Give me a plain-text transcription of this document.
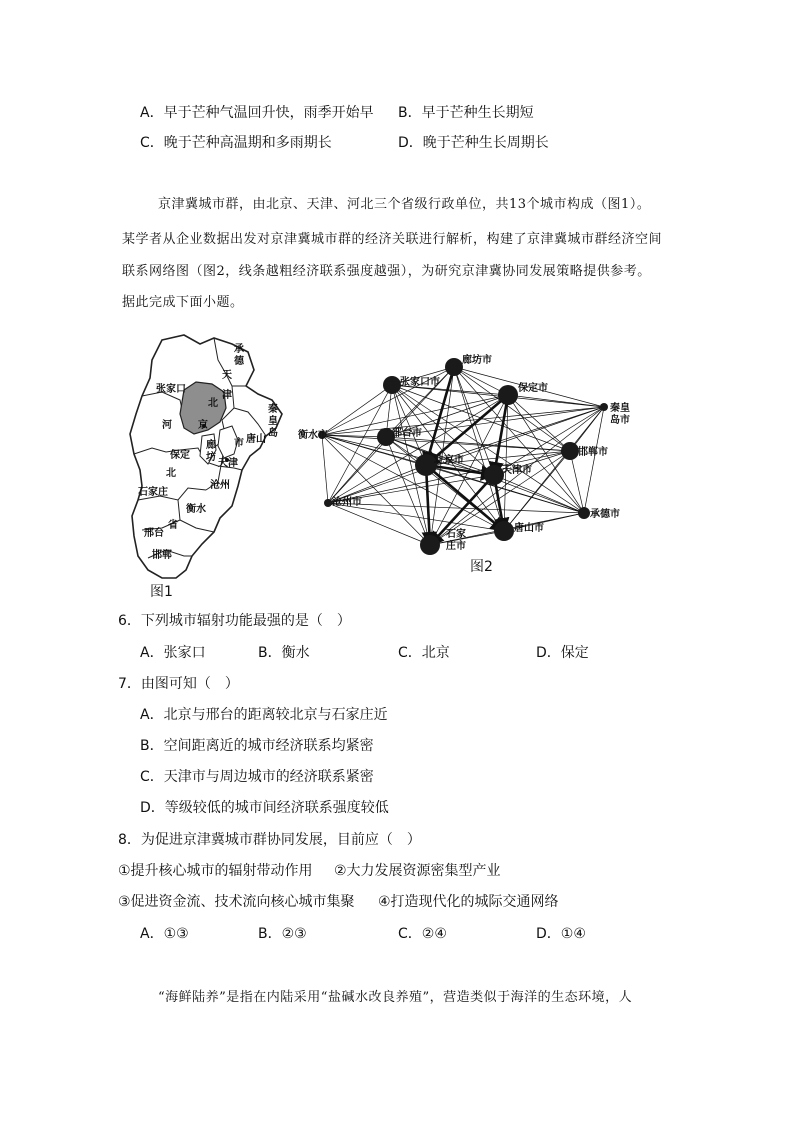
A．早于芒种气温回升快，雨季开始早 B．早于芒种生长期短
C．晚于芒种高温期和多雨期长	D．晚于芒种生长周期长
京津冀城市群，由北京、天津、河北三个省级行政单位，共13个城市构成（图1）。
某学者从企业数据出发对京津冀城市群的经济关联进行解析，构建了京津冀城市群经济空间
联系网络图（图2，线条越粗经济联系强度越强），为研究京津冀协同发展策略提供参考。
据此完成下面小题。
张家口
承
德
天
津
北
京
秦
皇
岛
河
唐山
市
廊
坊
保定
天津
北
石家庄
沧州
衡水
邢台
省
邯郸
图1
廊坊市
张家口市
保定市
秦皇
岛市
衡水市	邢台市
邯郸市
北京市
天津市
沧州市
承德市
唐山市
石家
庄市
图2
6．下列城市辐射功能最强的是（　）
A．张家口	B．衡水	C．北京	D．保定
7．由图可知（　）
A．北京与邢台的距离较北京与石家庄近
B．空间距离近的城市经济联系均紧密
C．天津市与周边城市的经济联系紧密
D．等级较低的城市间经济联系强度较低
8．为促进京津冀城市群协同发展，目前应（　）
①提升核心城市的辐射带动作用 ②大力发展资源密集型产业
③促进资金流、技术流向核心城市集聚 ④打造现代化的城际交通网络
A．①③	B．②③	C．②④	D．①④
“海鲜陆养”是指在内陆采用“盐碱水改良养殖”，营造类似于海洋的生态环境，人
